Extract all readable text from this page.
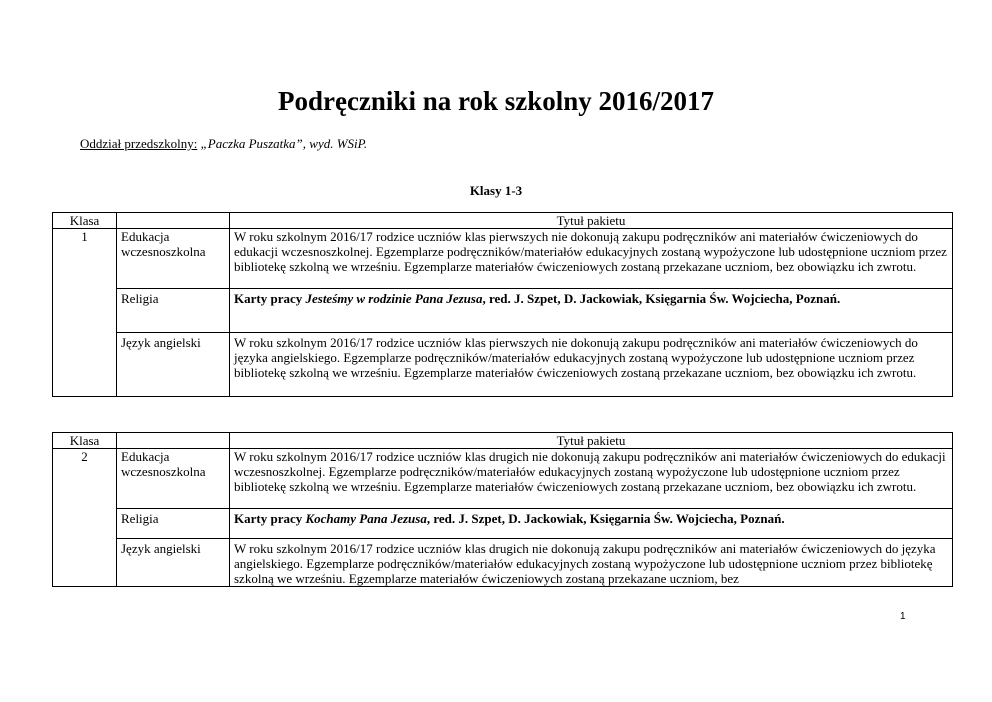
Podręczniki na rok szkolny 2016/2017
Oddział przedszkolny: „Paczka Puszatka”, wyd. WSiP.
Klasy 1-3
Klasa		Tytuł pakietu
1	Edukacja wczesnoszkolna	W roku szkolnym 2016/17 rodzice uczniów klas pierwszych nie dokonują zakupu podręczników ani materiałów ćwiczeniowych do edukacji wczesnoszkolnej. Egzemplarze podręczników/materiałów edukacyjnych zostaną wypożyczone lub udostępnione uczniom przez bibliotekę szkolną we wrześniu. Egzemplarze materiałów ćwiczeniowych zostaną przekazane uczniom, bez obowiązku ich zwrotu.
	Religia	Karty pracy Jesteśmy w rodzinie Pana Jezusa, red. J. Szpet, D. Jackowiak, Księgarnia Św. Wojciecha, Poznań.
	Język angielski	W roku szkolnym 2016/17 rodzice uczniów klas pierwszych nie dokonują zakupu podręczników ani materiałów ćwiczeniowych do języka angielskiego. Egzemplarze podręczników/materiałów edukacyjnych zostaną wypożyczone lub udostępnione uczniom przez bibliotekę szkolną we wrześniu. Egzemplarze materiałów ćwiczeniowych zostaną przekazane uczniom, bez obowiązku ich zwrotu.
Klasa		Tytuł pakietu
2	Edukacja wczesnoszkolna	W roku szkolnym 2016/17 rodzice uczniów klas drugich nie dokonują zakupu podręczników ani materiałów ćwiczeniowych do edukacji wczesnoszkolnej. Egzemplarze podręczników/materiałów edukacyjnych zostaną wypożyczone lub udostępnione uczniom przez bibliotekę szkolną we wrześniu. Egzemplarze materiałów ćwiczeniowych zostaną przekazane uczniom, bez obowiązku ich zwrotu.
	Religia	Karty pracy Kochamy Pana Jezusa, red. J. Szpet, D. Jackowiak, Księgarnia Św. Wojciecha, Poznań.
	Język angielski	W roku szkolnym 2016/17 rodzice uczniów klas drugich nie dokonują zakupu podręczników ani materiałów ćwiczeniowych do języka angielskiego. Egzemplarze podręczników/materiałów edukacyjnych zostaną wypożyczone lub udostępnione uczniom przez bibliotekę szkolną we wrześniu. Egzemplarze materiałów ćwiczeniowych zostaną przekazane uczniom, bez
1
